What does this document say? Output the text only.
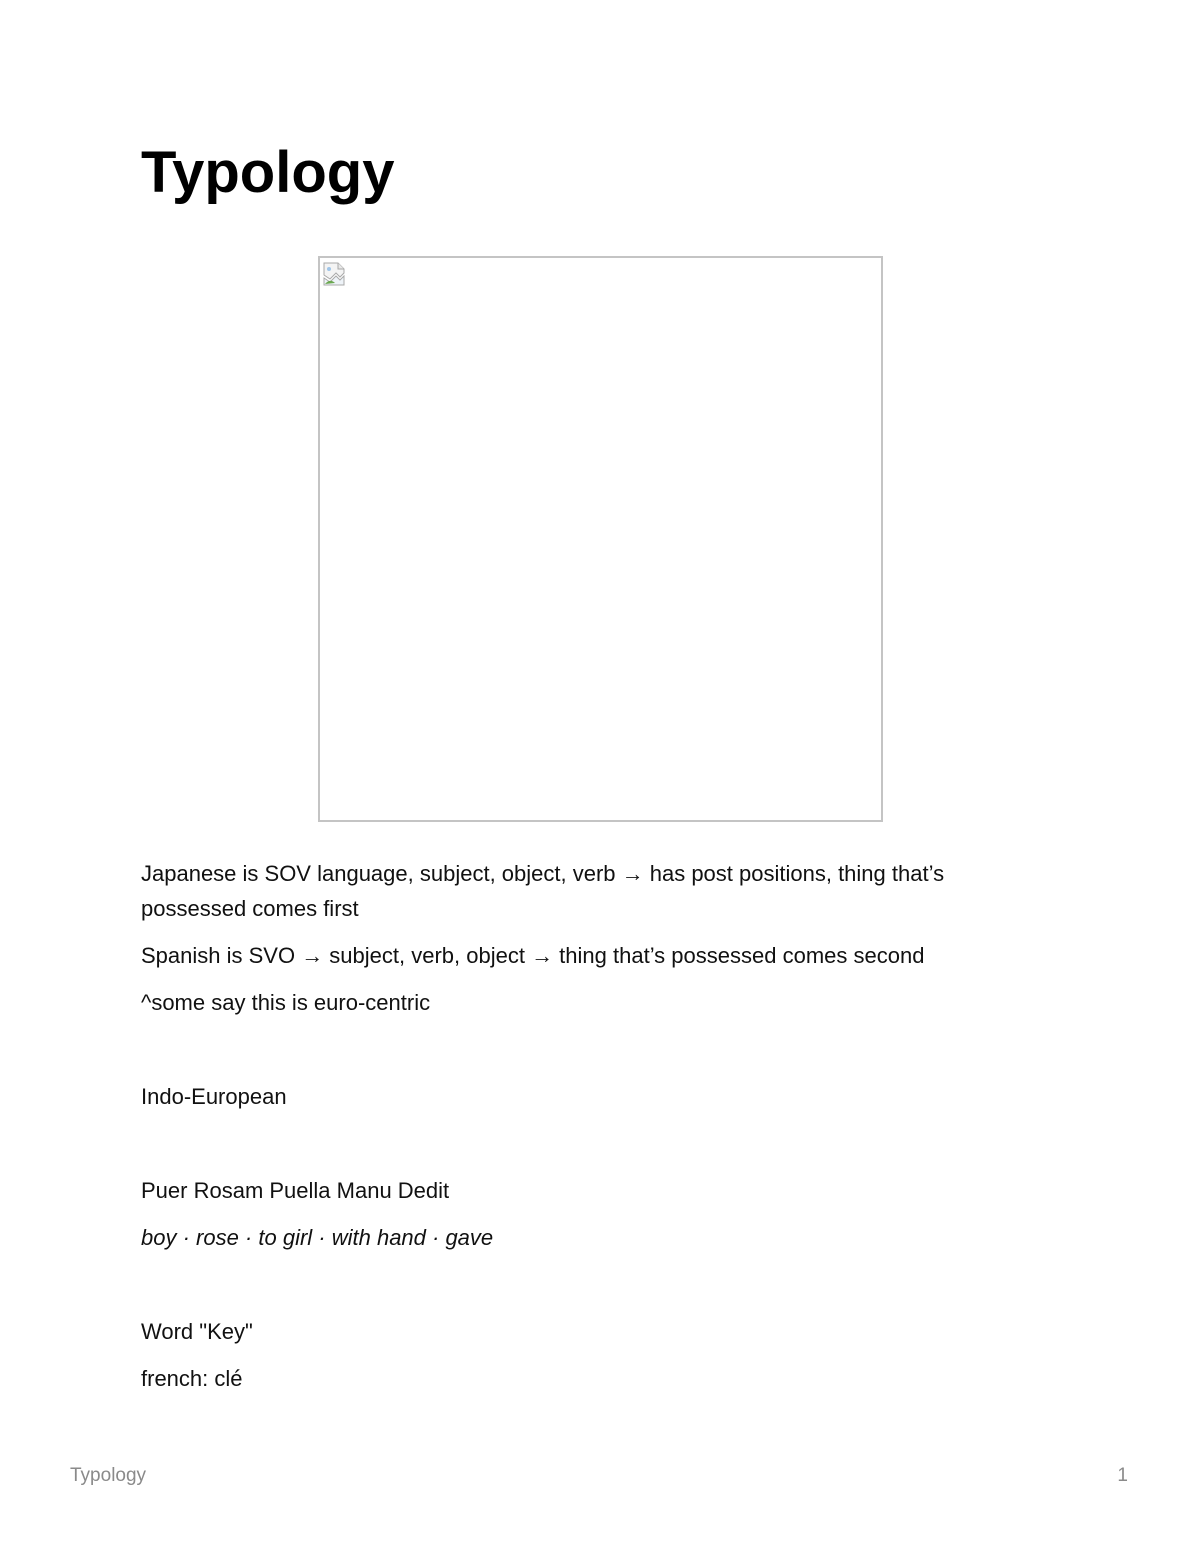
Typology

Japanese is SOV language, subject, object, verb → has post positions, thing that’s possessed comes first

Spanish is SVO → subject, verb, object → thing that’s possessed comes second

^some say this is euro-centric

Indo-European

Puer Rosam Puella Manu Dedit

boy · rose · to girl · with hand · gave

Word "Key"

french: clé

Typology	1
